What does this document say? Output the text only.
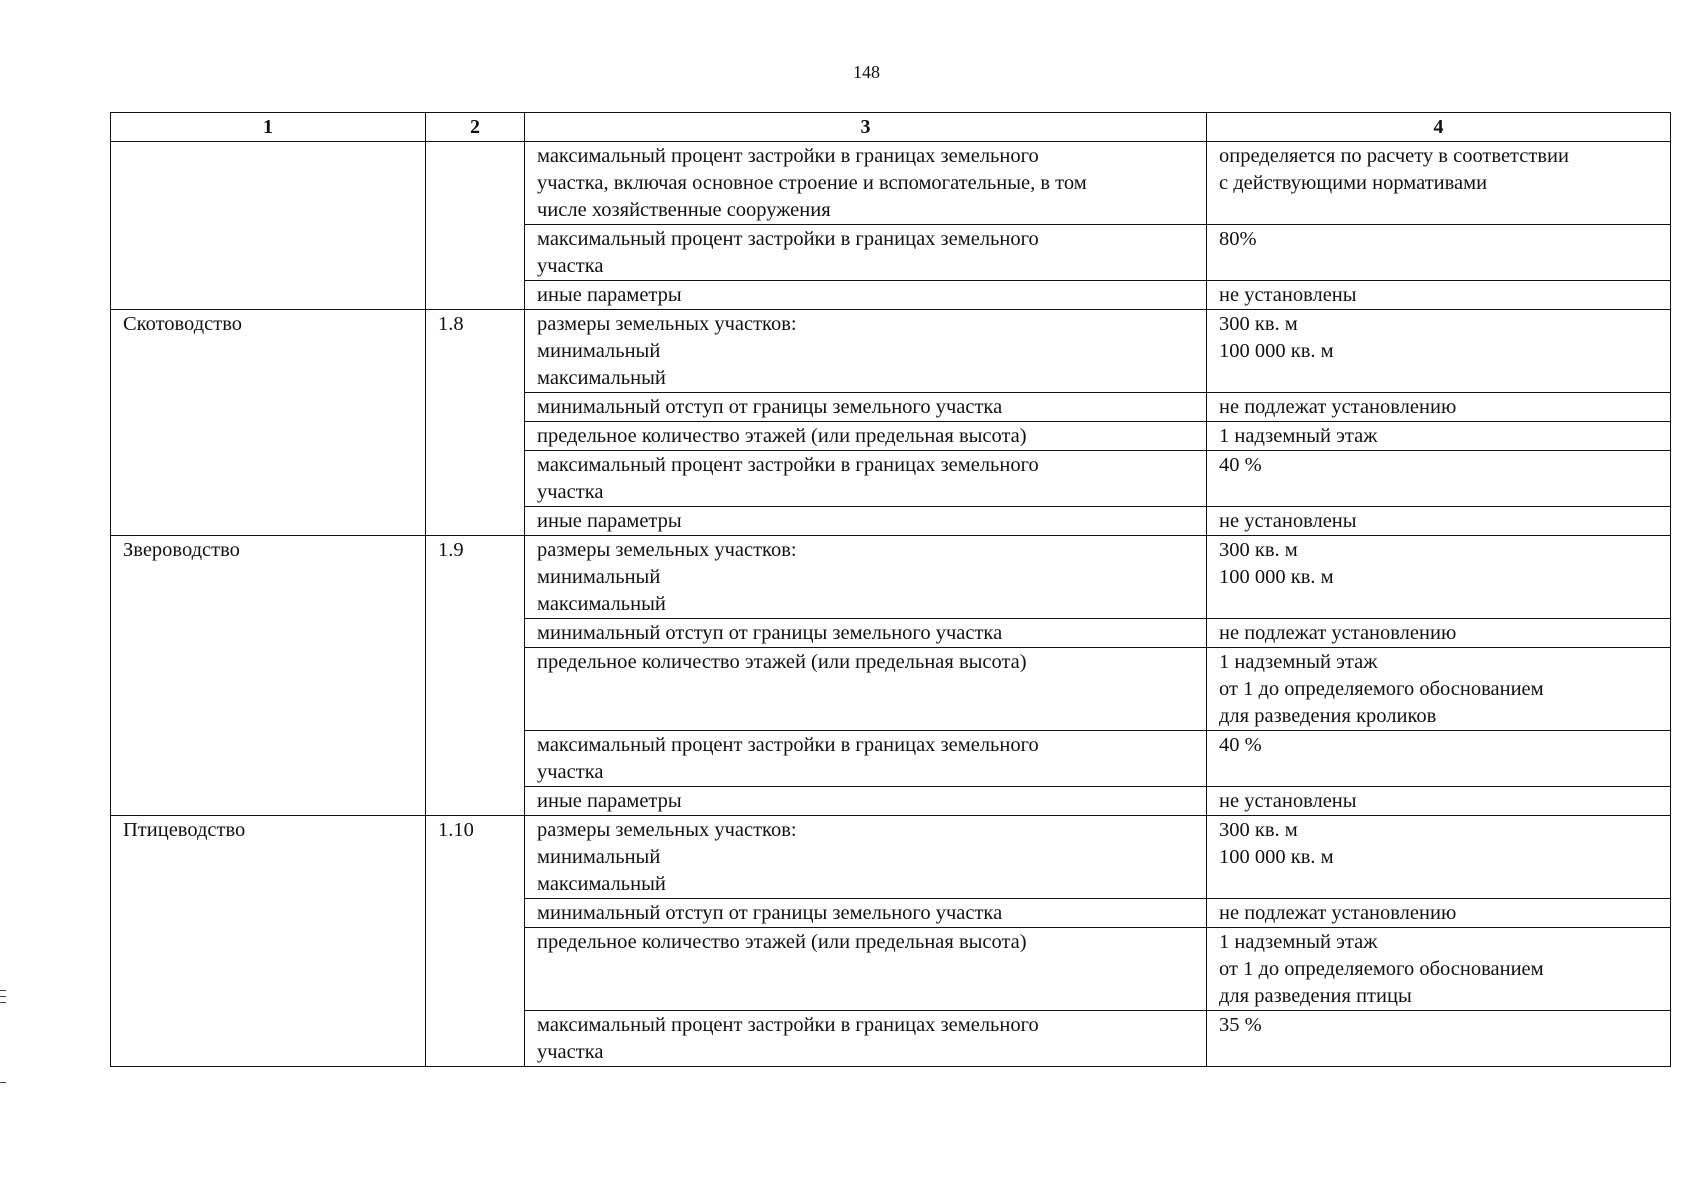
148
1	2	3	4

		максимальный процент застройки в границах земельного
участка, включая основное строение и вспомогательные, в том
числе хозяйственные сооружения	определяется по расчету в соответствии
с действующими нормативами

		максимальный процент застройки в границах земельного
участка	80%

		иные параметры	не установлены

Скотоводство	1.8	размеры земельных участков:
минимальный
максимальный	300 кв. м
100 000 кв. м

		минимальный отступ от границы земельного участка	не подлежат установлению

		предельное количество этажей (или предельная высота)	1 надземный этаж

		максимальный процент застройки в границах земельного
участка	40 %

		иные параметры	не установлены

Звероводство	1.9	размеры земельных участков:
минимальный
максимальный	300 кв. м
100 000 кв. м

		минимальный отступ от границы земельного участка	не подлежат установлению

		предельное количество этажей (или предельная высота)	1 надземный этаж
от 1 до определяемого обоснованием
для разведения кроликов

		максимальный процент застройки в границах земельного
участка	40 %

		иные параметры	не установлены

Птицеводство	1.10	размеры земельных участков:
минимальный
максимальный	300 кв. м
100 000 кв. м

		минимальный отступ от границы земельного участка	не подлежат установлению

		предельное количество этажей (или предельная высота)	1 надземный этаж
от 1 до определяемого обоснованием
для разведения птицы

		максимальный процент застройки в границах земельного
участка	35 %
